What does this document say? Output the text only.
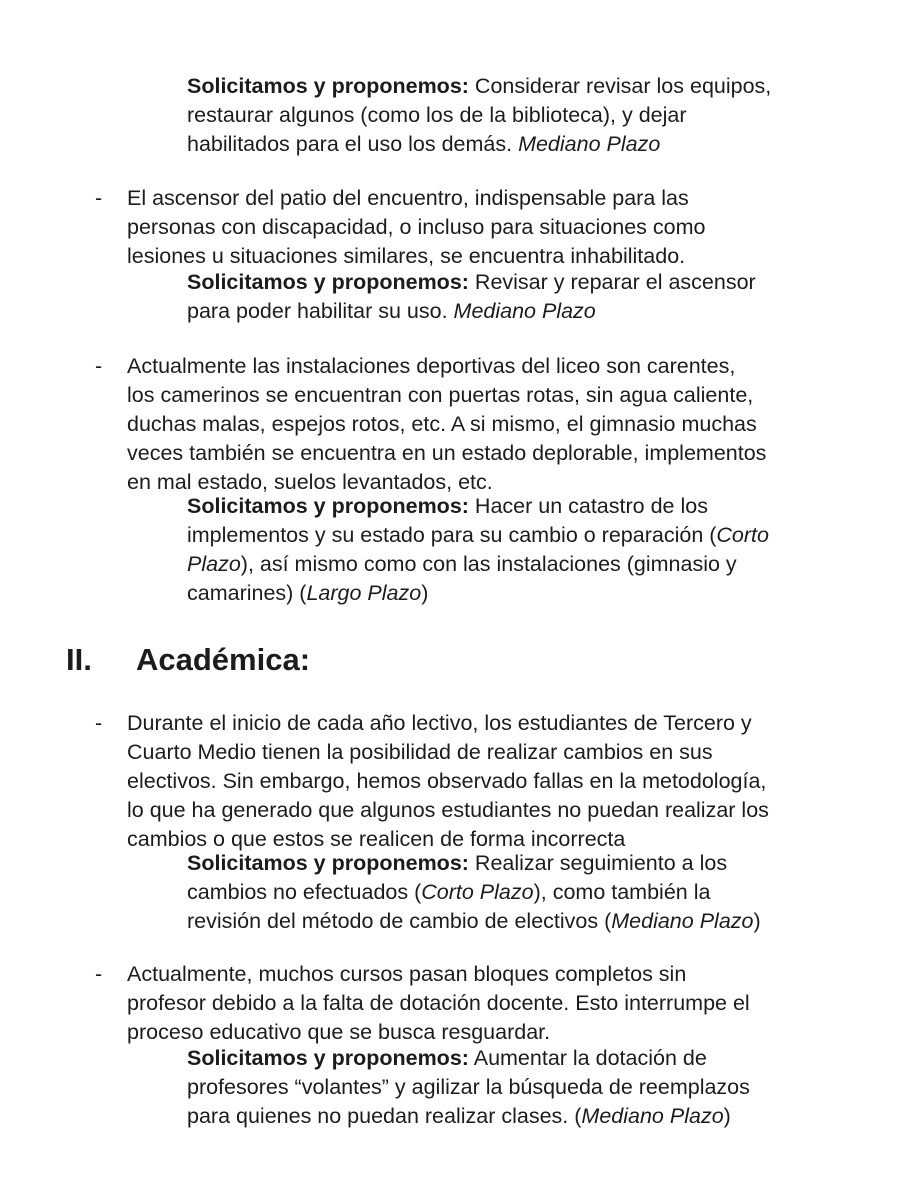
Solicitamos y proponemos: Considerar revisar los equipos,
restaurar algunos (como los de la biblioteca), y dejar
habilitados para el uso los demás. Mediano Plazo
-	El ascensor del patio del encuentro, indispensable para las
personas con discapacidad, o incluso para situaciones como
lesiones u situaciones similares, se encuentra inhabilitado.
Solicitamos y proponemos: Revisar y reparar el ascensor
para poder habilitar su uso. Mediano Plazo
-	Actualmente las instalaciones deportivas del liceo son carentes,
los camerinos se encuentran con puertas rotas, sin agua caliente,
duchas malas, espejos rotos, etc. A si mismo, el gimnasio muchas
veces también se encuentra en un estado deplorable, implementos
en mal estado, suelos levantados, etc.
Solicitamos y proponemos: Hacer un catastro de los
implementos y su estado para su cambio o reparación (Corto
Plazo), así mismo como con las instalaciones (gimnasio y
camarines) (Largo Plazo)
II. Académica:
-	Durante el inicio de cada año lectivo, los estudiantes de Tercero y
Cuarto Medio tienen la posibilidad de realizar cambios en sus
electivos. Sin embargo, hemos observado fallas en la metodología,
lo que ha generado que algunos estudiantes no puedan realizar los
cambios o que estos se realicen de forma incorrecta
Solicitamos y proponemos: Realizar seguimiento a los
cambios no efectuados (Corto Plazo), como también la
revisión del método de cambio de electivos (Mediano Plazo)
-	Actualmente, muchos cursos pasan bloques completos sin
profesor debido a la falta de dotación docente. Esto interrumpe el
proceso educativo que se busca resguardar.
Solicitamos y proponemos: Aumentar la dotación de
profesores “volantes” y agilizar la búsqueda de reemplazos
para quienes no puedan realizar clases. (Mediano Plazo)
